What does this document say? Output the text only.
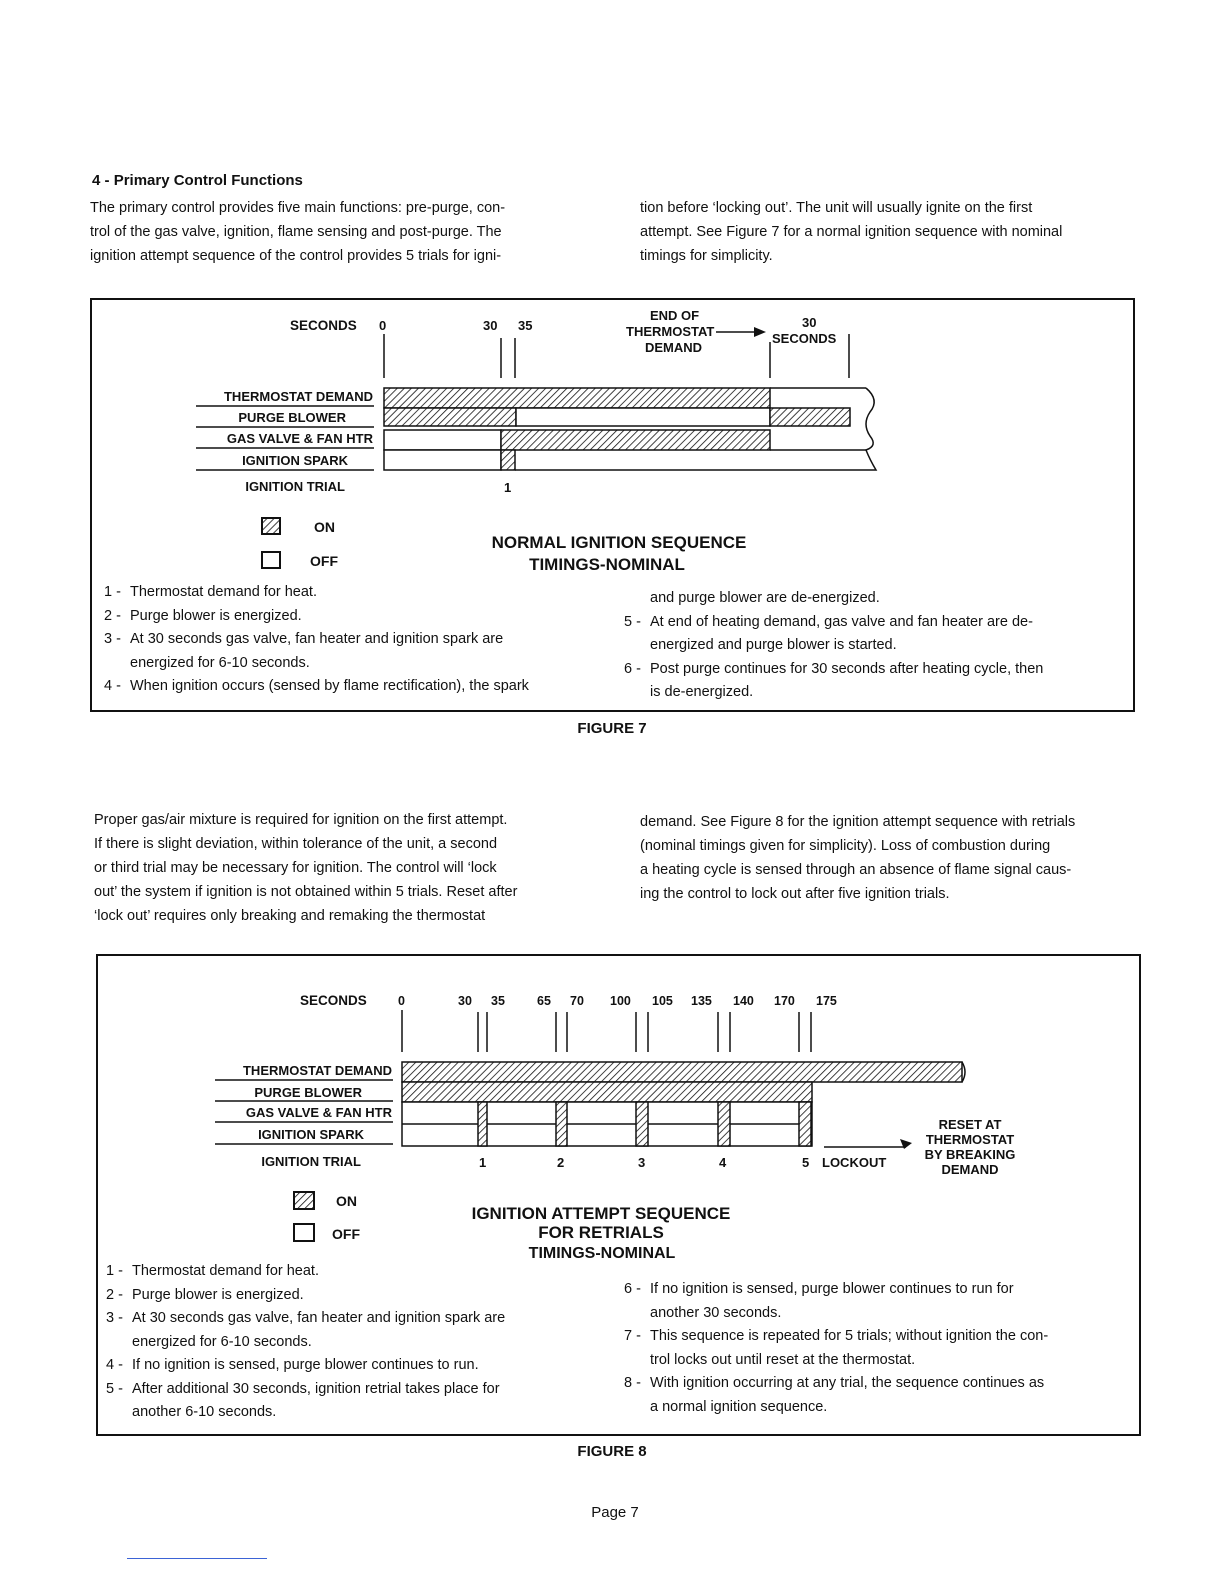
4 - Primary Control Functions

The primary control provides five main functions: pre-purge, con-

trol of the gas valve, ignition, flame sensing and post-purge. The

ignition attempt sequence of the control provides 5 trials for igni-

tion before ‘locking out’. The unit will usually ignite on the first

attempt. See Figure 7 for a normal ignition sequence with nominal

timings for simplicity.

SECONDS 0	30 35
END OF
THERMOSTAT
DEMAND
30
SECONDS
THERMOSTAT DEMAND
PURGE BLOWER
GAS VALVE & FAN HTR
IGNITION SPARK
IGNITION TRIAL	1
ON
OFF
NORMAL IGNITION SEQUENCE
TIMINGS-NOMINAL
1 - Thermostat demand for heat.
2 - Purge blower is energized.
3 - At 30 seconds gas valve, fan heater and ignition spark are
energized for 6-10 seconds.
4 - When ignition occurs (sensed by flame rectification), the spark
and purge blower are de-energized.
5 - At end of heating demand, gas valve and fan heater are de-
energized and purge blower is started.
6 - Post purge continues for 30 seconds after heating cycle, then
is de-energized.
FIGURE 7

Proper gas/air mixture is required for ignition on the first attempt.

If there is slight deviation, within tolerance of the unit, a second

or third trial may be necessary for ignition. The control will ‘lock

out’ the system if ignition is not obtained within 5 trials. Reset after

‘lock out’ requires only breaking and remaking the thermostat

demand. See Figure 8 for the ignition attempt sequence with retrials

(nominal timings given for simplicity). Loss of combustion during

a heating cycle is sensed through an absence of flame signal caus-

ing the control to lock out after five ignition trials.

SECONDS 0	30 35	65 70 100 105 135 140 170 175
THERMOSTAT DEMAND
PURGE BLOWER
GAS VALVE & FAN HTR
IGNITION SPARK
IGNITION TRIAL	1	2	3	4	5 LOCKOUT
RESET AT
THERMOSTAT
BY BREAKING
DEMAND
ON
OFF
IGNITION ATTEMPT SEQUENCE
FOR RETRIALS
TIMINGS-NOMINAL
1 - Thermostat demand for heat.
2 - Purge blower is energized.
3 - At 30 seconds gas valve, fan heater and ignition spark are
energized for 6-10 seconds.
4 - If no ignition is sensed, purge blower continues to run.
5 - After additional 30 seconds, ignition retrial takes place for
another 6-10 seconds.
6 - If no ignition is sensed, purge blower continues to run for
another 30 seconds.
7 - This sequence is repeated for 5 trials; without ignition the con-
trol locks out until reset at the thermostat.
8 - With ignition occurring at any trial, the sequence continues as
a normal ignition sequence.
FIGURE 8
Page 7
